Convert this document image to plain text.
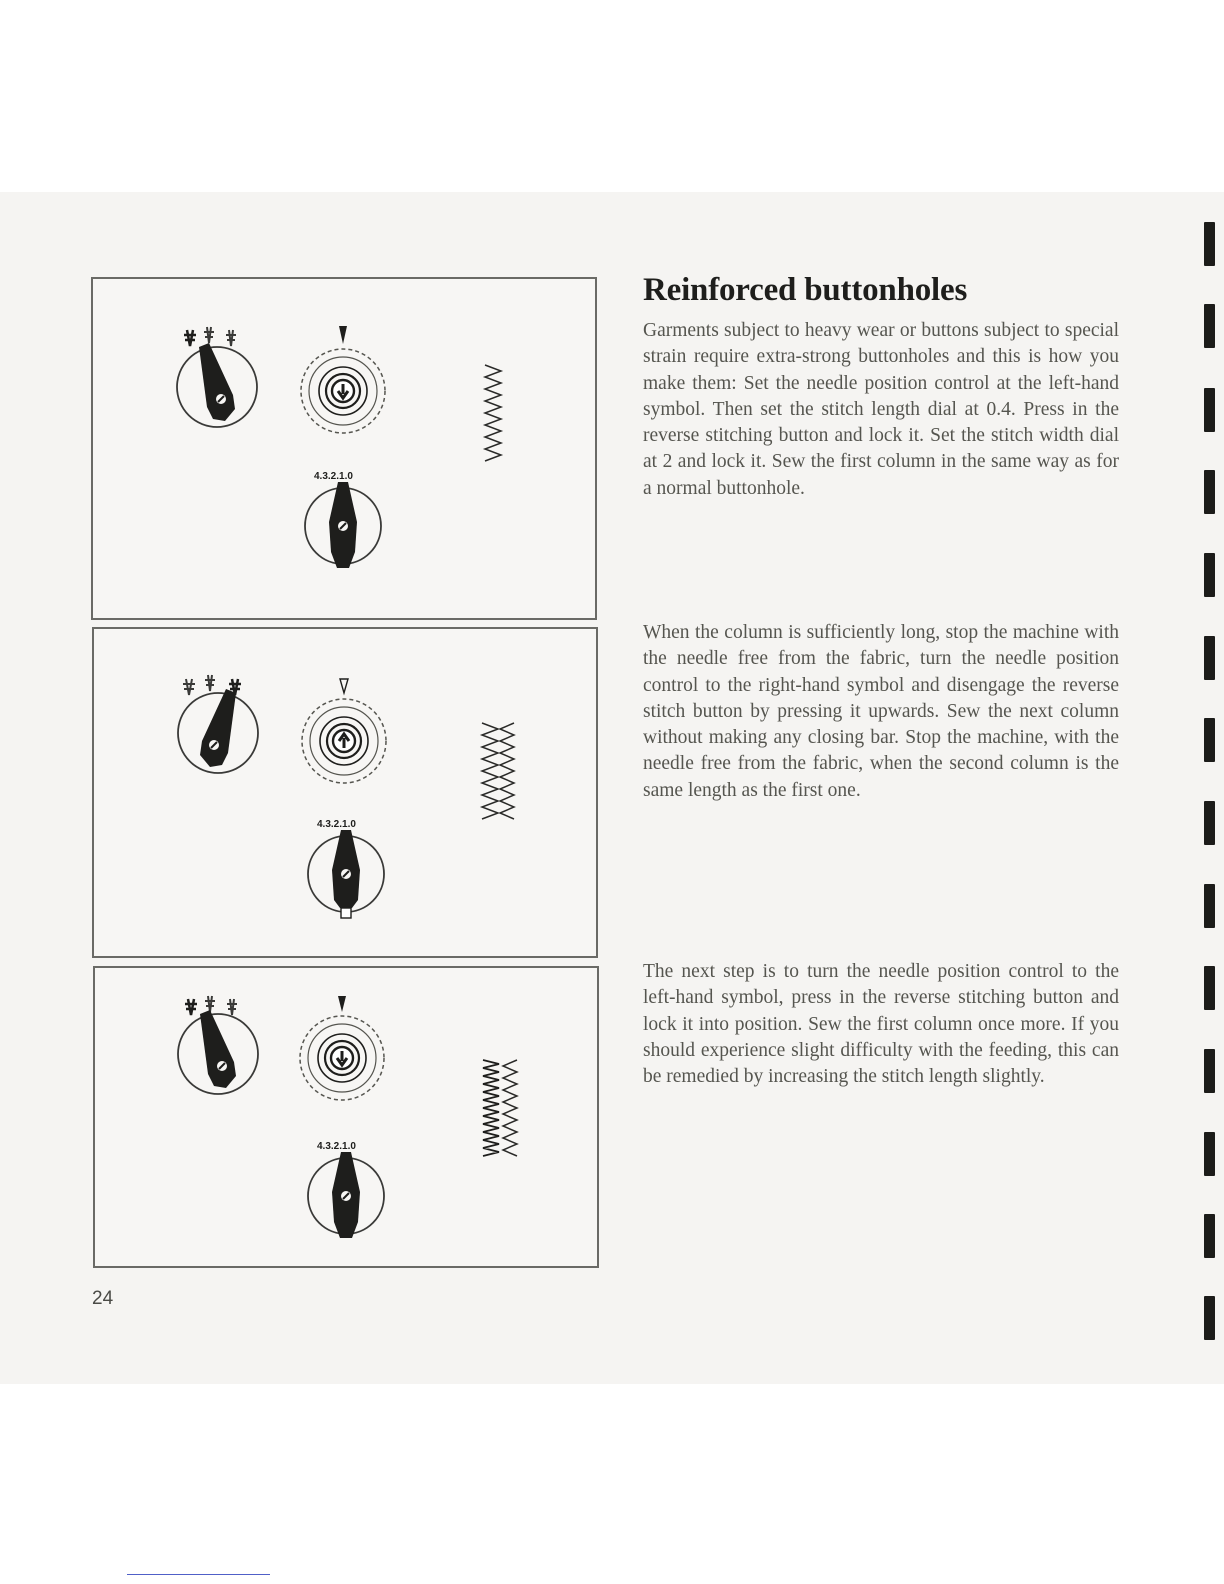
4.3.2.1.0
4.3.2.1.0
4.3.2.1.0
Reinforced buttonholes

Garments subject to heavy wear or buttons subject to special strain require extra-strong buttonholes and this is how you make them: Set the needle position control at the left-hand symbol. Then set the stitch length dial at 0.4. Press in the reverse stitching button and lock it. Set the stitch width dial at 2 and lock it. Sew the first column in the same way as for a normal buttonhole.

When the column is sufficiently long, stop the machine with the needle free from the fabric, turn the needle position control to the right-hand symbol and disengage the reverse stitch button by pressing it upwards. Sew the next column without making any closing bar. Stop the machine, with the needle free from the fabric, when the second column is the same length as the first one.

The next step is to turn the needle position control to the left-hand symbol, press in the reverse stitching button and lock it into position. Sew the first column once more. If you should experience slight difficulty with the feeding, this can be remedied by increasing the stitch length slightly.

24
